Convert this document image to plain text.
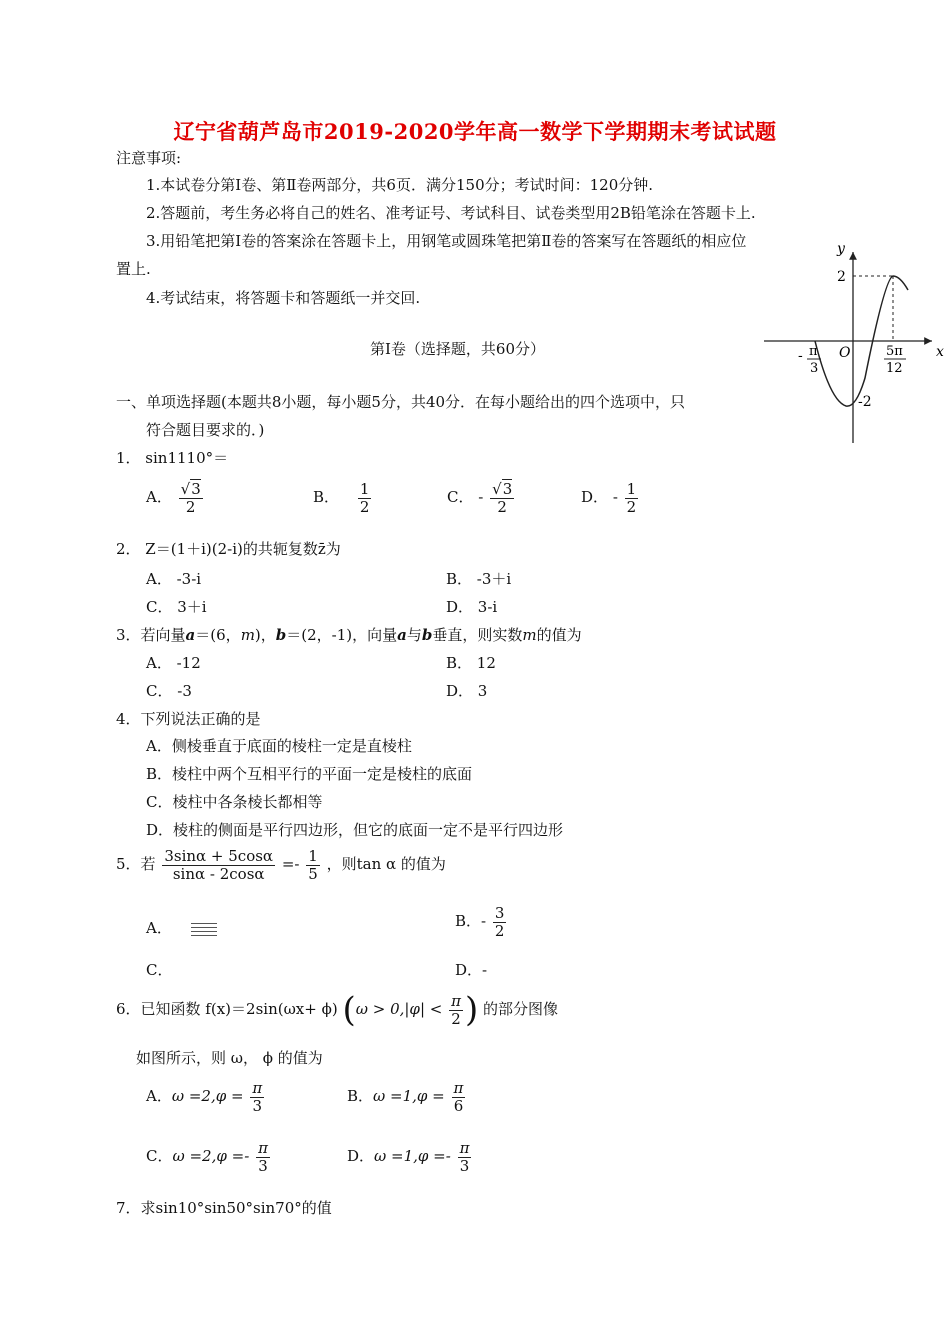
辽宁省葫芦岛市2019-2020学年高一数学下学期期末考试试题
注意事项:
1.本试卷分第Ⅰ卷、第Ⅱ卷两部分，共6页．满分150分；考试时间：120分钟.
2.答题前，考生务必将自己的姓名、准考证号、考试科目、试卷类型用2B铅笔涂在答题卡上.
3.用铅笔把第Ⅰ卷的答案涂在答题卡上，用钢笔或圆珠笔把第Ⅱ卷的答案写在答题纸的相应位
置上.
4.考试结束，将答题卡和答题纸一并交回.
第Ⅰ卷（选择题，共60分）
一、单项选择题(本题共8小题，每小题5分，共40分．在每小题给出的四个选项中，只
符合题目要求的．)
y
x
O
2
-2
- π
3
5π
12
1． sin1110°＝
A． $\frac{√3}{2}$	B． $\frac{1}{2}$	C． - $\frac{√3}{2}$	D． - $\frac{1}{2}$
2． Z＝(1＋i)(2-i)的共轭复数z̄为
A． -3-i	B． -3＋i
C． 3＋i	D． 3-i
3．若向量a＝(6，m)，b＝(2，-1)，向量a与b垂直，则实数m的值为
A． -12	B． 12
C． -3	D． 3
4．下列说法正确的是
A．侧棱垂直于底面的棱柱一定是直棱柱
B．棱柱中两个互相平行的平面一定是棱柱的底面
C．棱柱中各条棱长都相等
D．棱柱的侧面是平行四边形，但它的底面一定不是平行四边形
5．若 $\frac{3\sin\alpha + 5\cos\alpha}{\sin\alpha - 2\cos\alpha} =- \frac{1}{5}$ ，则tan α 的值为
A．	B．- $\frac{3}{2}$
C．	D．-
6．已知函数 f(x)＝2sin(ωx+ ϕ) ($\omega > 0,|\varphi| < \frac{\pi}{2}$ ) 的部分图像
如图所示，则 ω， ϕ 的值为
A．$\omega =2,\varphi = \frac{\pi}{3}$	B．$\omega =1,\varphi = \frac{\pi}{6}$
C．$\omega =2,\varphi =- \frac{\pi}{3}$	D．$\omega =1,\varphi =- \frac{\pi}{3}$
7．求sin10°sin50°sin70°的值
